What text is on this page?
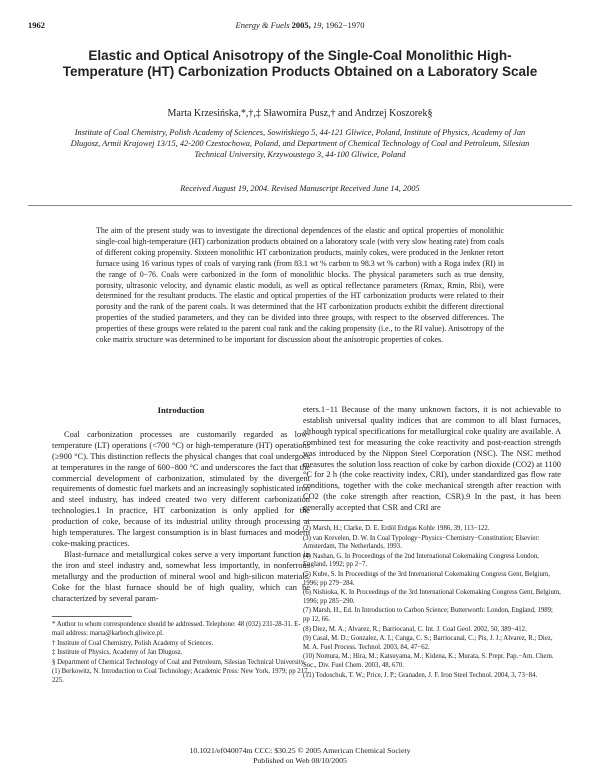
1962	Energy & Fuels 2005, 19, 1962−1970
Elastic and Optical Anisotropy of the Single-Coal Monolithic High-Temperature (HT) Carbonization Products Obtained on a Laboratory Scale
Marta Krzesińska,*,†,‡ Sławomira Pusz,† and Andrzej Koszorek§
Institute of Coal Chemistry, Polish Academy of Sciences, Sowińskiego 5, 44-121 Gliwice, Poland, Institute of Physics, Academy of Jan Dlugosz, Armii Krajowej 13/15, 42-200 Czestochowa, Poland, and Department of Chemical Technology of Coal and Petroleum, Silesian Technical University, Krzywoustego 3, 44-100 Gliwice, Poland
Received August 19, 2004. Revised Manuscript Received June 14, 2005
The aim of the present study was to investigate the directional dependences of the elastic and optical properties of monolithic single-coal high-temperature (HT) carbonization products obtained on a laboratory scale (with very slow heating rate) from coals of different coking propensity. Sixteen monolithic HT carbonization products, mainly cokes, were produced in the Jenkner retort furnace using 16 various types of coals of varying rank (from 83.1 wt % carbon to 98.3 wt % carbon) with a Roga index (RI) in the range of 0−76. Coals were carbonized in the form of monolithic blocks. The physical parameters such as true density, porosity, ultrasonic velocity, and dynamic elastic moduli, as well as optical reflectance parameters (Rmax, Rmin, Rbi), were determined for the resultant products. The elastic and optical properties of the HT carbonization products were related to their porosity and the rank of the parent coals. It was determined that the HT carbonization products exhibit the different directional properties of the studied parameters, and they can be divided into three groups, with respect to the observed differences. The properties of these groups were related to the parent coal rank and the caking propensity (i.e., to the RI value). Anisotropy of the coke matrix structure was determined to be important for discussion about the anisotropic properties of cokes.
Introduction

Coal carbonization processes are customarily regarded as low-temperature (LT) operations (<700 °C) or high-temperature (HT) operations (≥900 °C). This distinction reflects the physical changes that coal undergoes at temperatures in the range of 600−800 °C and underscores the fact that the commercial development of carbonization, stimulated by the divergent requirements of domestic fuel markets and an increasingly sophisticated iron and steel industry, has indeed created two very different carbonization technologies.1 In practice, HT carbonization is only applied for the production of coke, because of its industrial utility through processing at high temperatures. The largest consumption is in blast furnaces and modern coke-making practices.

Blast-furnace and metallurgical cokes serve a very important function in the iron and steel industry and, somewhat less importantly, in nonferrous metallurgy and the production of mineral wool and high-silicon materials. Coke for the blast furnace should be of high quality, which can be characterized by several param-

* Author to whom correspondence should be addressed. Telephone: 48 (032) 231-28-31. E-mail address: marta@karboch.gliwice.pl.
† Institute of Coal Chemistry, Polish Academy of Sciences.
‡ Institute of Physics, Academy of Jan Dlugosz.
§ Department of Chemical Technology of Coal and Petroleum, Silesian Technical University.
(1) Berkowitz, N. Introduction to Coal Technology; Academic Press: New York, 1979; pp 217, 225.

eters.1−11 Because of the many unknown factors, it is not achievable to establish universal quality indices that are common to all blast furnaces, although typical specifications for metallurgical coke quality are available. A combined test for measuring the coke reactivity and post-reaction strength was introduced by the Nippon Steel Corporation (NSC). The NSC method measures the solution loss reaction of coke by carbon dioxide (CO2) at 1100 °C for 2 h (the coke reactivity index, CRI), under standardized gas flow rate conditions, together with the coke mechanical strength after reaction with CO2 (the coke strength after reaction, CSR).9 In the past, it has been generally accepted that CSR and CRI are

(2) Marsh, H.; Clarke, D. E. Erdöl Erdgas Kohle 1986, 39, 113−122.
(3) van Krevelen, D. W. In Coal Typology−Physics−Chemistry−Constitution; Elsevier: Amsterdam, The Netherlands, 1993.
(4) Nashan, G. In Proceedings of the 2nd International Cokemaking Congress London, England, 1992; pp 2−7.
(5) Kube, S. In Proceedings of the 3rd International Cokemaking Congress Gent, Belgium, 1996; pp 279−284.
(6) Nishioka, K. In Proceedings of the 3rd International Cokemaking Congress Gent, Belgium, 1996; pp 285−290.
(7) Marsh, H., Ed. In Introduction to Carbon Science; Butterworth: London, England, 1989; pp 12, 66.
(8) Diez, M. A.; Alvarez, R.; Barriocanal, C. Int. J. Coal Geol. 2002, 50, 389−412.
(9) Casal, M. D.; Gonzalez, A. I.; Canga, C. S.; Barriocanal, C.; Pis, J. J.; Alvarez, R.; Diez, M. A. Fuel Process. Technol. 2003, 84, 47−62.
(10) Nomura, M.; Hira, M.; Katsuyama, M.; Kidena, K.; Murata, S. Prepr. Pap.−Am. Chem. Soc., Div. Fuel Chem. 2003, 48, 670.
(11) Todoschuk, T. W.; Price, J. P.; Granaden, J. F. Iron Steel Technol. 2004, 3, 73−84.
10.1021/ef040074m CCC: $30.25 © 2005 American Chemical Society
Published on Web 08/10/2005
